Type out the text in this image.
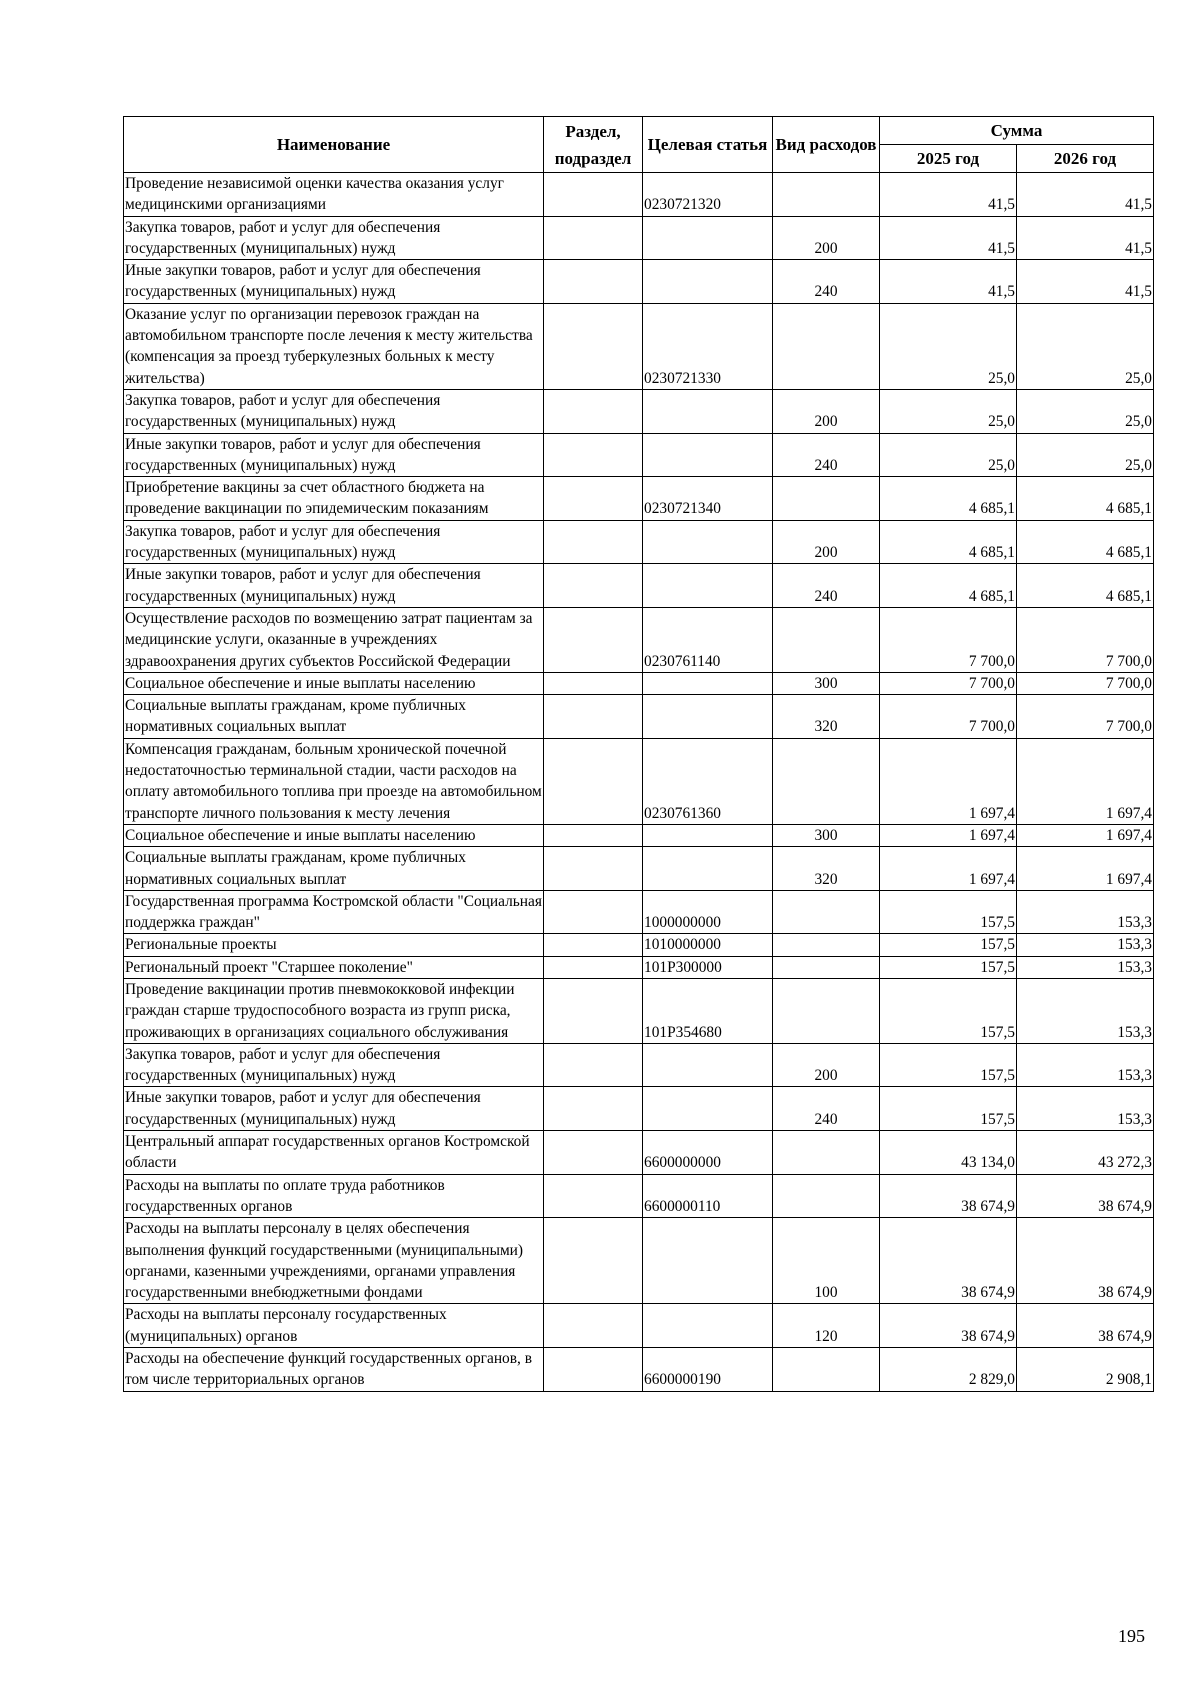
Наименование	Раздел, подраздел	Целевая статья	Вид расходов	Сумма	
				2025 год	2026 год
Проведение независимой оценки качества оказания услуг медицинскими организациями		0230721320		41,5	41,5
Закупка товаров, работ и услуг для обеспечения государственных (муниципальных) нужд			200	41,5	41,5
Иные закупки товаров, работ и услуг для обеспечения государственных (муниципальных) нужд			240	41,5	41,5
Оказание услуг по организации перевозок граждан на автомобильном транспорте после лечения к месту жительства (компенсация за проезд туберкулезных больных к месту жительства)		0230721330		25,0	25,0
Закупка товаров, работ и услуг для обеспечения государственных (муниципальных) нужд			200	25,0	25,0
Иные закупки товаров, работ и услуг для обеспечения государственных (муниципальных) нужд			240	25,0	25,0
Приобретение вакцины за счет областного бюджета на проведение вакцинации по эпидемическим показаниям		0230721340		4 685,1	4 685,1
Закупка товаров, работ и услуг для обеспечения государственных (муниципальных) нужд			200	4 685,1	4 685,1
Иные закупки товаров, работ и услуг для обеспечения государственных (муниципальных) нужд			240	4 685,1	4 685,1
Осуществление расходов по возмещению затрат пациентам за медицинские услуги, оказанные в учреждениях здравоохранения других субъектов Российской Федерации		0230761140		7 700,0	7 700,0
Социальное обеспечение и иные выплаты населению			300	7 700,0	7 700,0
Социальные выплаты гражданам, кроме публичных нормативных социальных выплат			320	7 700,0	7 700,0
Компенсация гражданам, больным хронической почечной недостаточностью терминальной стадии, части расходов на оплату автомобильного топлива при проезде на автомобильном транспорте личного пользования к месту лечения		0230761360		1 697,4	1 697,4
Социальное обеспечение и иные выплаты населению			300	1 697,4	1 697,4
Социальные выплаты гражданам, кроме публичных нормативных социальных выплат			320	1 697,4	1 697,4
Государственная программа Костромской области "Социальная поддержка граждан"		1000000000		157,5	153,3
Региональные проекты		1010000000		157,5	153,3
Региональный проект "Старшее поколение"		101Р300000		157,5	153,3
Проведение вакцинации против пневмококковой инфекции граждан старше трудоспособного возраста из групп риска, проживающих в организациях социального обслуживания		101Р354680		157,5	153,3
Закупка товаров, работ и услуг для обеспечения государственных (муниципальных) нужд			200	157,5	153,3
Иные закупки товаров, работ и услуг для обеспечения государственных (муниципальных) нужд			240	157,5	153,3
Центральный аппарат государственных органов Костромской области		6600000000		43 134,0	43 272,3
Расходы на выплаты по оплате труда работников государственных органов		6600000110		38 674,9	38 674,9
Расходы на выплаты персоналу в целях обеспечения выполнения функций государственными (муниципальными) органами, казенными учреждениями, органами управления государственными внебюджетными фондами			100	38 674,9	38 674,9
Расходы на выплаты персоналу государственных (муниципальных) органов			120	38 674,9	38 674,9
Расходы на обеспечение функций государственных органов, в том числе территориальных органов		6600000190		2 829,0	2 908,1
195
